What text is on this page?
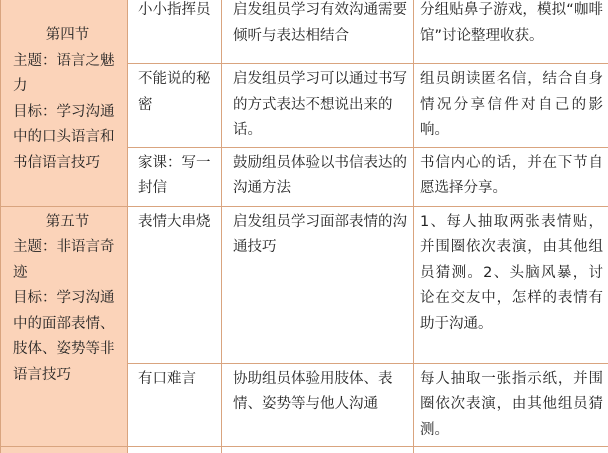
第四节
主题：语言之魅力
目标：学习沟通中的口头语言和书信语言技巧	小小指挥员	启发组员学习有效沟通需要倾听与表达相结合	分组贴鼻子游戏，模拟“咖啡馆”讨论整理收获。
	不能说的秘密	启发组员学习可以通过书写的方式表达不想说出来的话。	组员朗读匿名信，结合自身情况分享信件对自己的影响。
	家课：写一封信	鼓励组员体验以书信表达的沟通方法	书信内心的话，并在下节自愿选择分享。

第五节
主题：非语言奇迹
目标：学习沟通中的面部表情、肢体、姿势等非语言技巧	表情大串烧	启发组员学习面部表情的沟通技巧	1、每人抽取两张表情贴，并围圈依次表演，由其他组员猜测。2、头脑风暴，讨论在交友中，怎样的表情有助于沟通。
	有口难言	协助组员体验用肢体、表情、姿势等与他人沟通	每人抽取一张指示纸，并围圈依次表演，由其他组员猜测。
